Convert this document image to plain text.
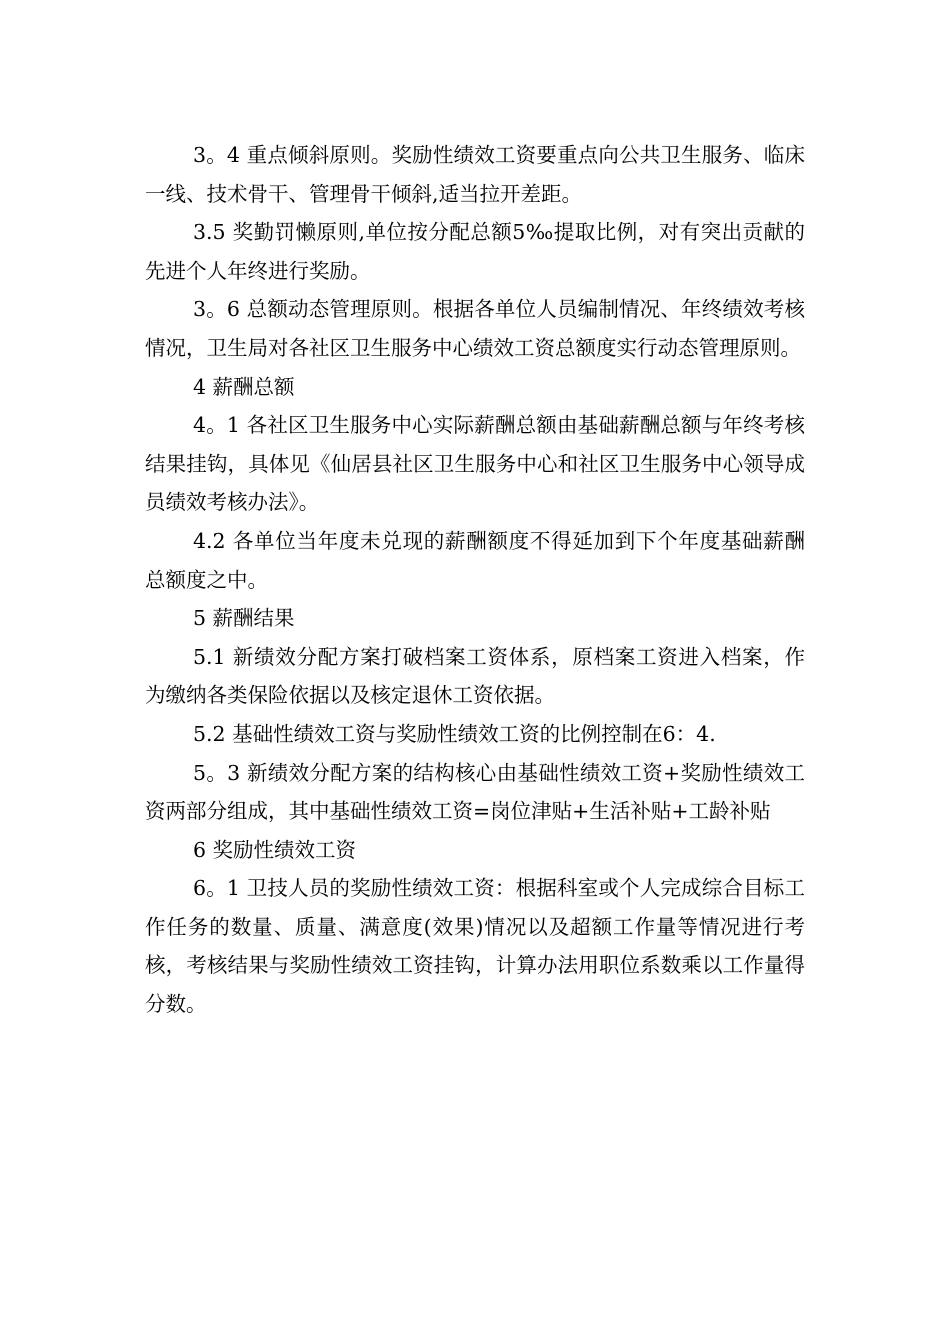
3。4 重点倾斜原则。奖励性绩效工资要重点向公共卫生服务、临床一线、技术骨干、管理骨干倾斜,适当拉开差距。

3.5 奖勤罚懒原则,单位按分配总额5‰提取比例，对有突出贡献的先进个人年终进行奖励。

3。6 总额动态管理原则。根据各单位人员编制情况、年终绩效考核情况，卫生局对各社区卫生服务中心绩效工资总额度实行动态管理原则。

4 薪酬总额

4。1 各社区卫生服务中心实际薪酬总额由基础薪酬总额与年终考核结果挂钩，具体见《仙居县社区卫生服务中心和社区卫生服务中心领导成员绩效考核办法》。

4.2 各单位当年度未兑现的薪酬额度不得延加到下个年度基础薪酬总额度之中。

5 薪酬结果

5.1 新绩效分配方案打破档案工资体系，原档案工资进入档案，作为缴纳各类保险依据以及核定退休工资依据。

5.2 基础性绩效工资与奖励性绩效工资的比例控制在6：4.

5。3 新绩效分配方案的结构核心由基础性绩效工资+奖励性绩效工资两部分组成，其中基础性绩效工资=岗位津贴+生活补贴+工龄补贴

6 奖励性绩效工资

6。1 卫技人员的奖励性绩效工资：根据科室或个人完成综合目标工作任务的数量、质量、满意度(效果)情况以及超额工作量等情况进行考核，考核结果与奖励性绩效工资挂钩，计算办法用职位系数乘以工作量得分数。
